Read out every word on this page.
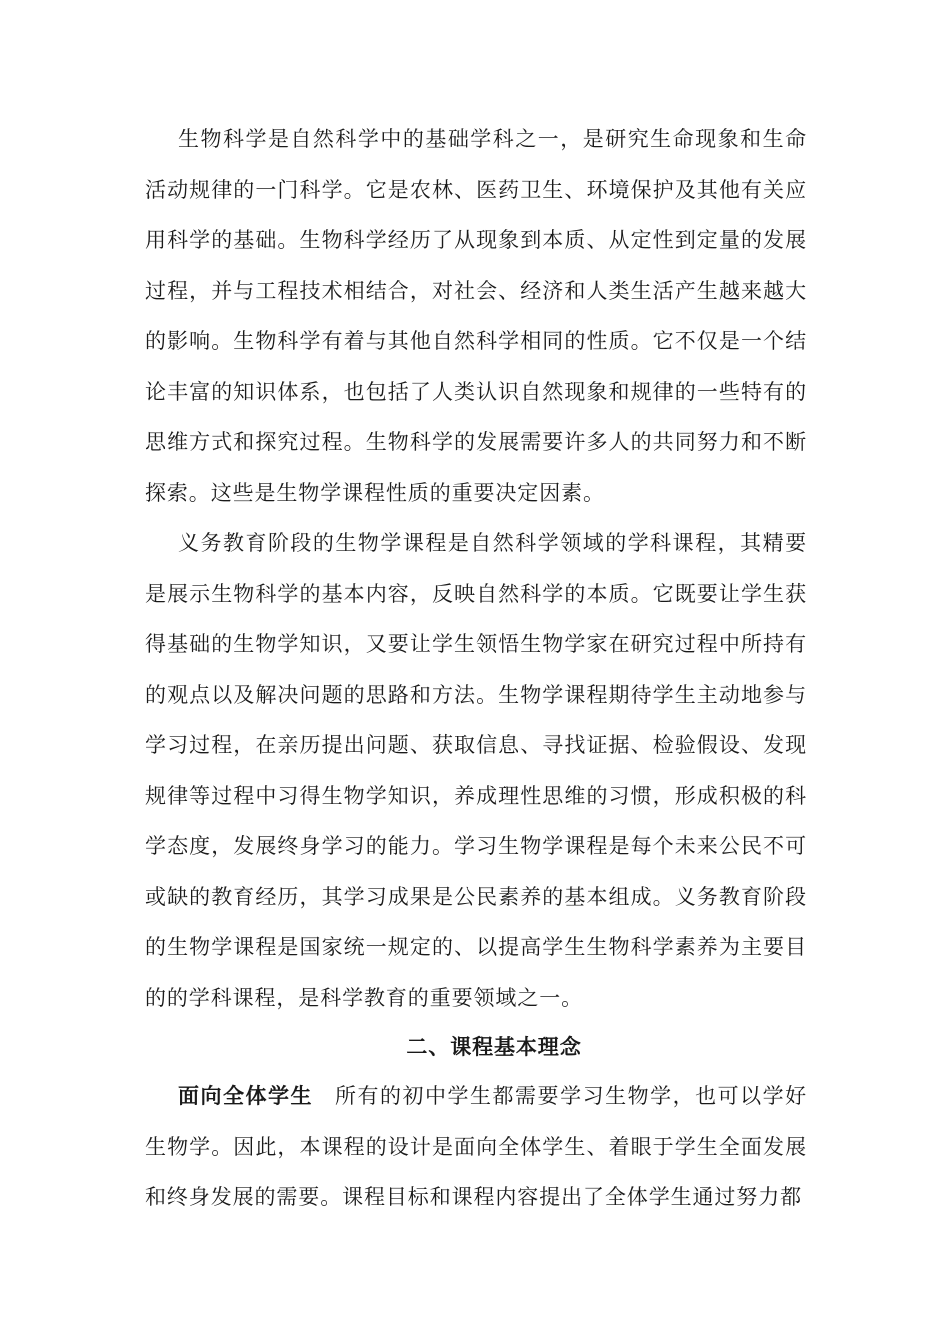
生物科学是自然科学中的基础学科之一，是研究生命现象和生命活动规律的一门科学。它是农林、医药卫生、环境保护及其他有关应用科学的基础。生物科学经历了从现象到本质、从定性到定量的发展过程，并与工程技术相结合，对社会、经济和人类生活产生越来越大的影响。生物科学有着与其他自然科学相同的性质。它不仅是一个结论丰富的知识体系，也包括了人类认识自然现象和规律的一些特有的思维方式和探究过程。生物科学的发展需要许多人的共同努力和不断探索。这些是生物学课程性质的重要决定因素。

义务教育阶段的生物学课程是自然科学领域的学科课程，其精要是展示生物科学的基本内容，反映自然科学的本质。它既要让学生获得基础的生物学知识，又要让学生领悟生物学家在研究过程中所持有的观点以及解决问题的思路和方法。生物学课程期待学生主动地参与学习过程，在亲历提出问题、获取信息、寻找证据、检验假设、发现规律等过程中习得生物学知识，养成理性思维的习惯，形成积极的科学态度，发展终身学习的能力。学习生物学课程是每个未来公民不可或缺的教育经历，其学习成果是公民素养的基本组成。义务教育阶段的生物学课程是国家统一规定的、以提高学生生物科学素养为主要目的的学科课程，是科学教育的重要领域之一。

二、课程基本理念

面向全体学生 所有的初中学生都需要学习生物学，也可以学好生物学。因此，本课程的设计是面向全体学生、着眼于学生全面发展和终身发展的需要。课程目标和课程内容提出了全体学生通过努力都
